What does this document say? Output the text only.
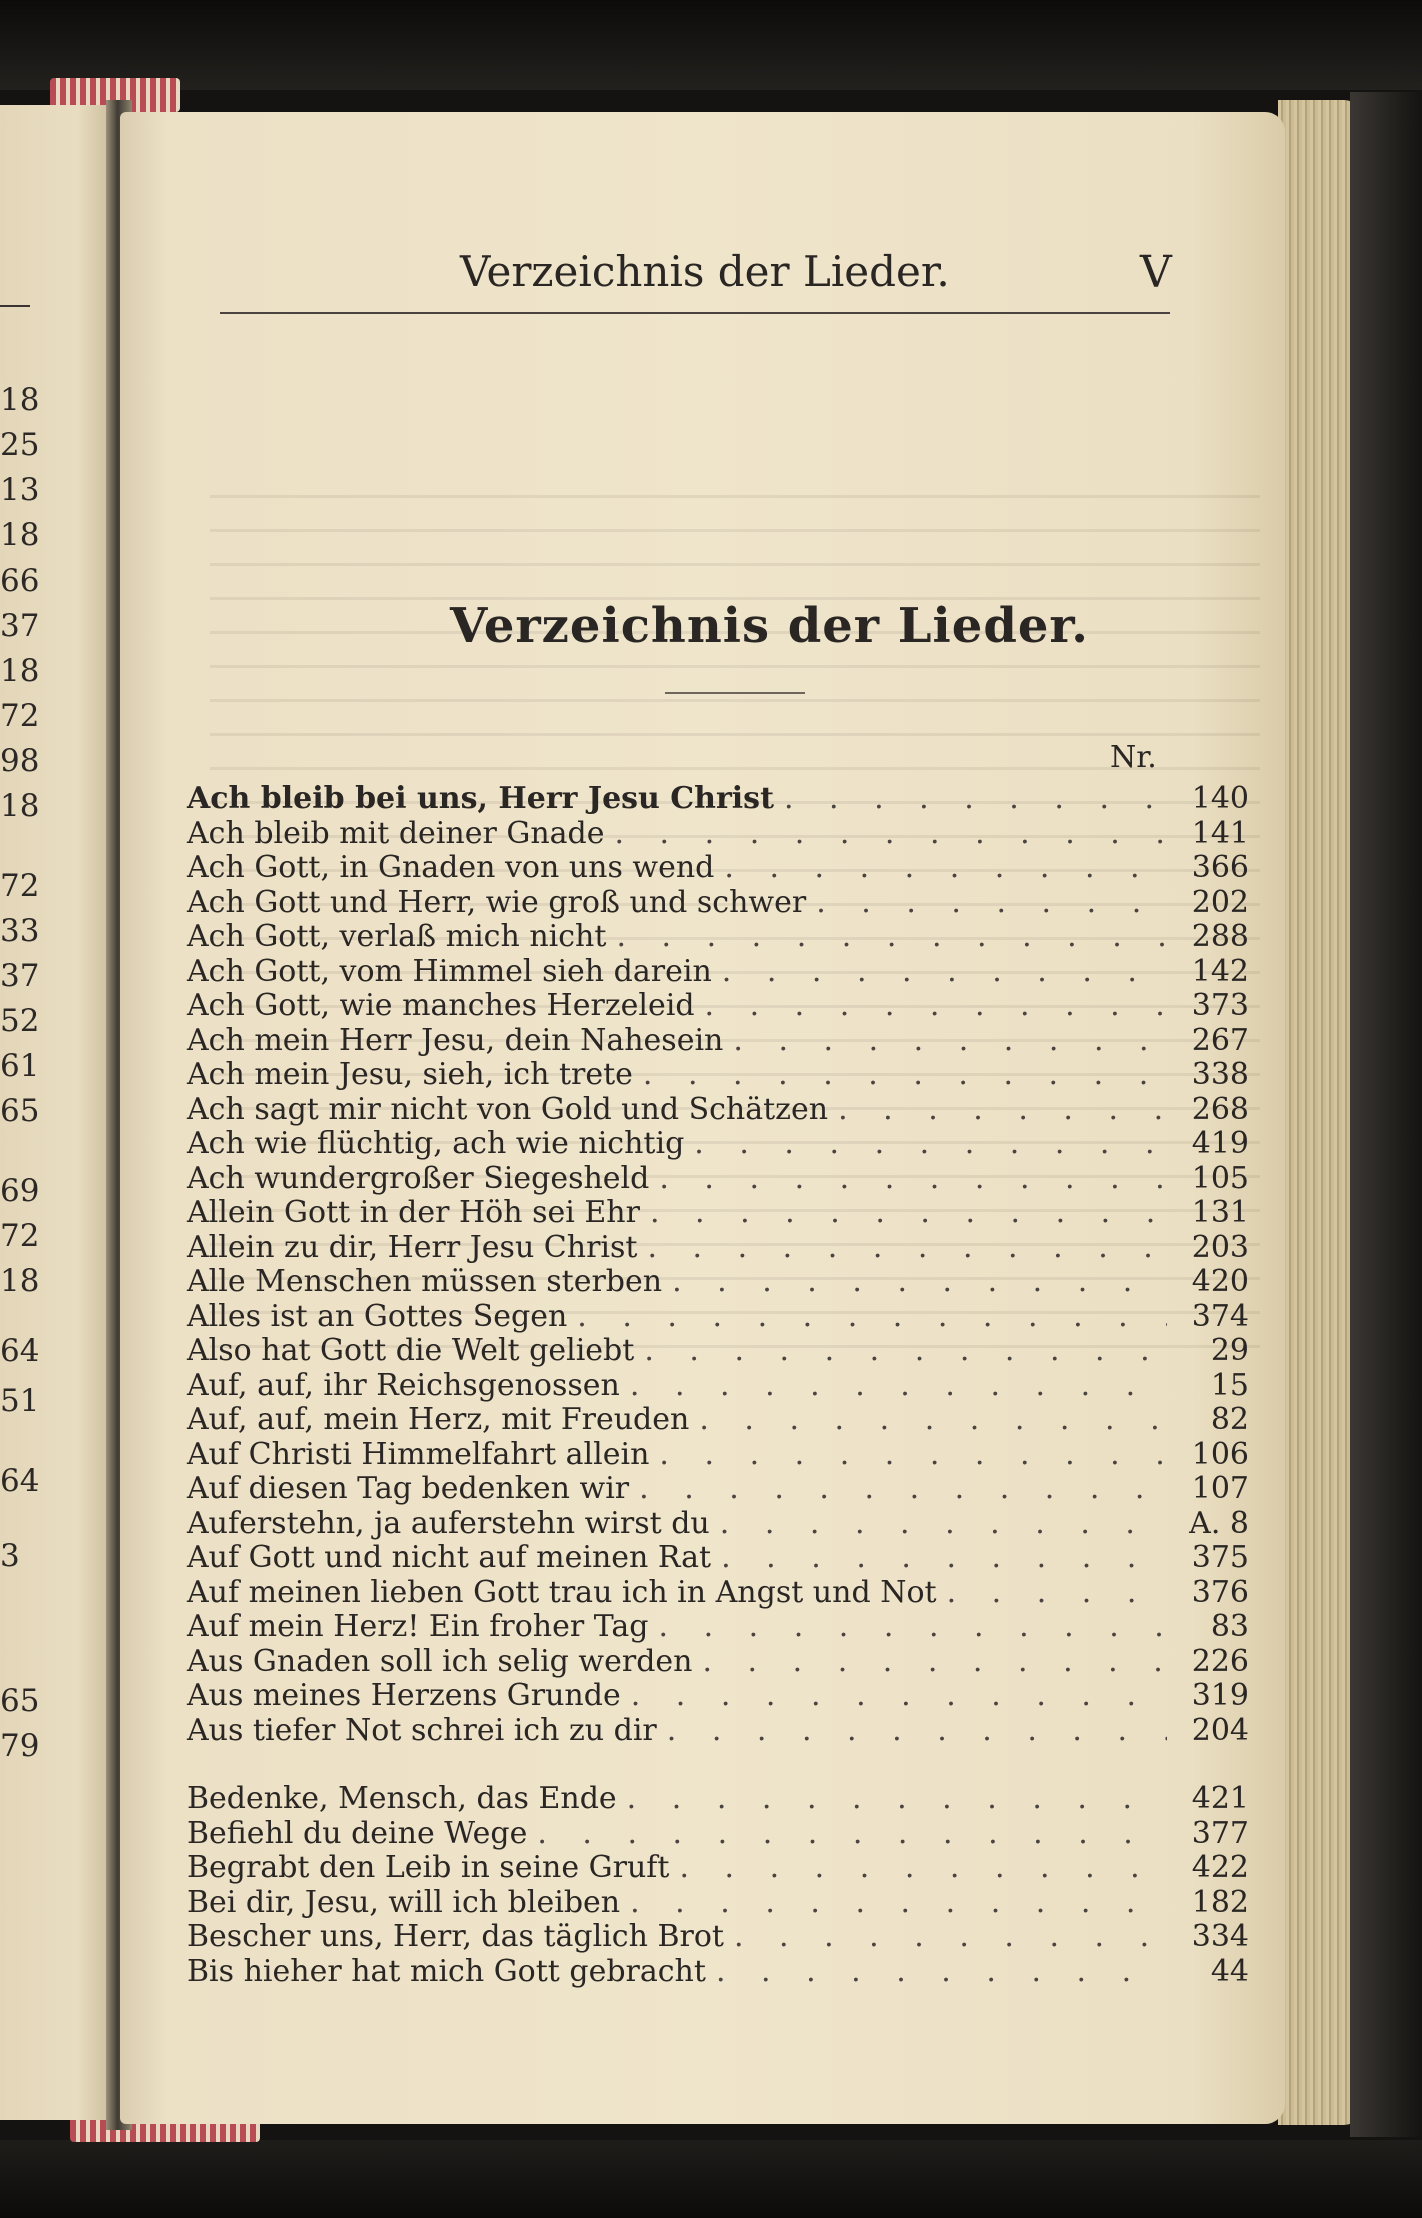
18
25
13
18
66
37
18
72
98
18
72
33
37
52
61
65
69
72
18
64
51
64
3
65
79
Verzeichnis der Lieder.	V
Verzeichnis der Lieder.
Nr.
Ach bleib bei uns, Herr Jesu Christ . . .	140
Ach bleib mit deiner Gnade . . .	141
Ach Gott, in Gnaden von uns wend . . .	366
Ach Gott und Herr, wie groß und schwer . . .	202
Ach Gott, verlaß mich nicht . . .	288
Ach Gott, vom Himmel sieh darein . . .	142
Ach Gott, wie manches Herzeleid . . .	373
Ach mein Herr Jesu, dein Nahesein . . .	267
Ach mein Jesu, sieh, ich trete . . .	338
Ach sagt mir nicht von Gold und Schätzen . . .	268
Ach wie flüchtig, ach wie nichtig . . .	419
Ach wundergroßer Siegesheld . . .	105
Allein Gott in der Höh sei Ehr . . .	131
Allein zu dir, Herr Jesu Christ . . .	203
Alle Menschen müssen sterben . . .	420
Alles ist an Gottes Segen . . .	374
Also hat Gott die Welt geliebt . . .	29
Auf, auf, ihr Reichsgenossen . . .	15
Auf, auf, mein Herz, mit Freuden . . .	82
Auf Christi Himmelfahrt allein . . .	106
Auf diesen Tag bedenken wir . . .	107
Auferstehn, ja auferstehn wirst du . . .	A. 8
Auf Gott und nicht auf meinen Rat . . .	375
Auf meinen lieben Gott trau ich in Angst und Not . . .	376
Auf mein Herz! Ein froher Tag . . .	83
Aus Gnaden soll ich selig werden . . .	226
Aus meines Herzens Grunde . . .	319
Aus tiefer Not schrei ich zu dir . . .	204
Bedenke, Mensch, das Ende . . .	421
Befiehl du deine Wege . . .	377
Begrabt den Leib in seine Gruft . . .	422
Bei dir, Jesu, will ich bleiben . . .	182
Bescher uns, Herr, das täglich Brot . . .	334
Bis hieher hat mich Gott gebracht . . .	44
